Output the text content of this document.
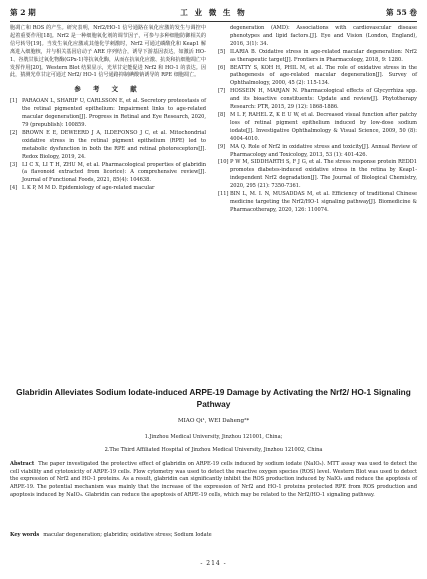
第 2 期	工 业 微 生 物	第 55 卷

胞凋亡和 ROS 的产生。研究表明，Nrf2/HO-1 信号通路在氧化应激的发生与调控中起着重要作用[18]。Nrf2 是一种细胞氧化剂的调节因子，可参与多种细胞防御相关的信号转导[19]。当发生氧化应激或其他化学刺激时，Nrf2 可通过磷酸化和 Keap1 解离进入细胞核，并与相关基因启动子 ARE 序列结合，诱导下游基因表达，如激活 HO-1、谷胱甘肽过氧化物酶(GPx-1)等抗氧化酶，从而在抗氧化应激、抗炎和抗细胞凋亡中发挥作用[20]。Western Blot 结果显示，光草甘定能促进 Nrf2 和 HO-1 的表达。因此，猜测光草甘定可通过 Nrf2/ HO-1 信号通路抑制碘酸钠诱导的 RPE 细胞凋亡。

参 考 文 献
[1] PARAOAN L, SHARIF U, CARLSSON E, et al. Secretory proteostasis of the retinal pigmented epithelium: Impairment links to age-related macular degeneration[J]. Progress in Retinal and Eye Research, 2020, 79 (prepublish): 100859.
[2] BROWN E E, DEWEERD J A, ILDEFONSO J C, et al. Mitochondrial oxidative stress in the retinal pigment epithelium (RPE) led to metabolic dysfunction in both the RPE and retinal photoreceptors[J]. Redox Biology, 2019, 24.
[3] LI C X, LI T H, ZHU M, et al. Pharmacological properties of glabridin (a flavonoid extracted from licorice): A comprehensive review[J]. Journal of Functional Foods, 2021, 85(4): 104638.
[4] L K P, M M D. Epidemiology of age-related macular
degeneration (AMD): Associations with cardiovascular disease phenotypes and lipid factors.[J]. Eye and Vision (London, England), 2016, 3(1): 34.
[5] ILARIA B. Oxidative stress in age-related macular degeneration: Nrf2 as therapeutic target[J]. Frontiers in Pharmacology, 2018, 9: 1280.
[6] BEATTY S, KOH H, PHIL M, et al. The role of oxidative stress in the pathogenesis of age-related macular degeneration[J]. Survey of Ophthalmology, 2000, 45 (2): 115-134.
[7] HOSSEIN H, MARJAN N. Pharmacological effects of Glycyrrhiza spp. and its bioactive constituents: Update and review[J]. Phytotherapy Research: PTR, 2015, 29 (12): 1868-1886.
[8] M L F, RAHEL Z, K E U W, et al. Decreased visual function after patchy loss of retinal pigment epithelium induced by low-dose sodium iodate[J]. Investigative Ophthalmology & Visual Science, 2009, 50 (8): 4004-4010.
[9] MA Q. Role of Nrf2 in oxidative stress and toxicity[J]. Annual Review of Pharmacology and Toxicology, 2013, 53 (1): 401-426.
[10] P W M, SIDDHARTH S, F J G, et al. The stress response protein REDD1 promotes diabetes-induced oxidative stress in the retina by Keap1-independent Nrf2 degradation[J]. The Journal of Biological Chemistry, 2020, 295 (21): 7350-7361.
[11] BIN L, M. I. N, MUSADDAS M, et al. Efficiency of traditional Chinese medicine targeting the Nrf2/HO-1 signaling pathway[J]. Biomedicine & Pharmacotherapy, 2020, 126: 110074.
Glabridin Alleviates Sodium Iodate-induced ARPE-19 Damage by Activating the Nrf2/ HO-1 Signaling Pathway
MIAO Qi¹, WEI Daheng²*
1.Jinzhou Medical University, Jinzhou 121001, China;
2.The Third Affiliated Hospital of Jinzhou Medical University, Jinzhou 121002, China
Abstract The paper investigated the protective effect of glabridin on ARPE-19 cells induced by sodium iodate (NaIO₃). MTT assay was used to detect the cell viability and cytotoxicity of ARPE-19 cells. Flow cytometry was used to detect the reactive oxygen species (ROS) level. Western Blot was used to detect the expression of Nrf2 and HO-1 proteins. As a result, glabridin can significantly inhibit the ROS production induced by NaIO₃ and reduce the apoptosis of ARPE-19. The potential mechanism was mainly that the increase of the expression of Nrf2 and HO-1 proteins protected RPE from ROS production and apoptosis induced by NaIO₃. Glabridin can reduce the apoptosis of ARPE-19 cells, which may be related to the Nrf2/HO-1 signaling pathway.
Key words macular degeneration; glabridin; oxidative stress; Sodium Iodate
- 214 -
